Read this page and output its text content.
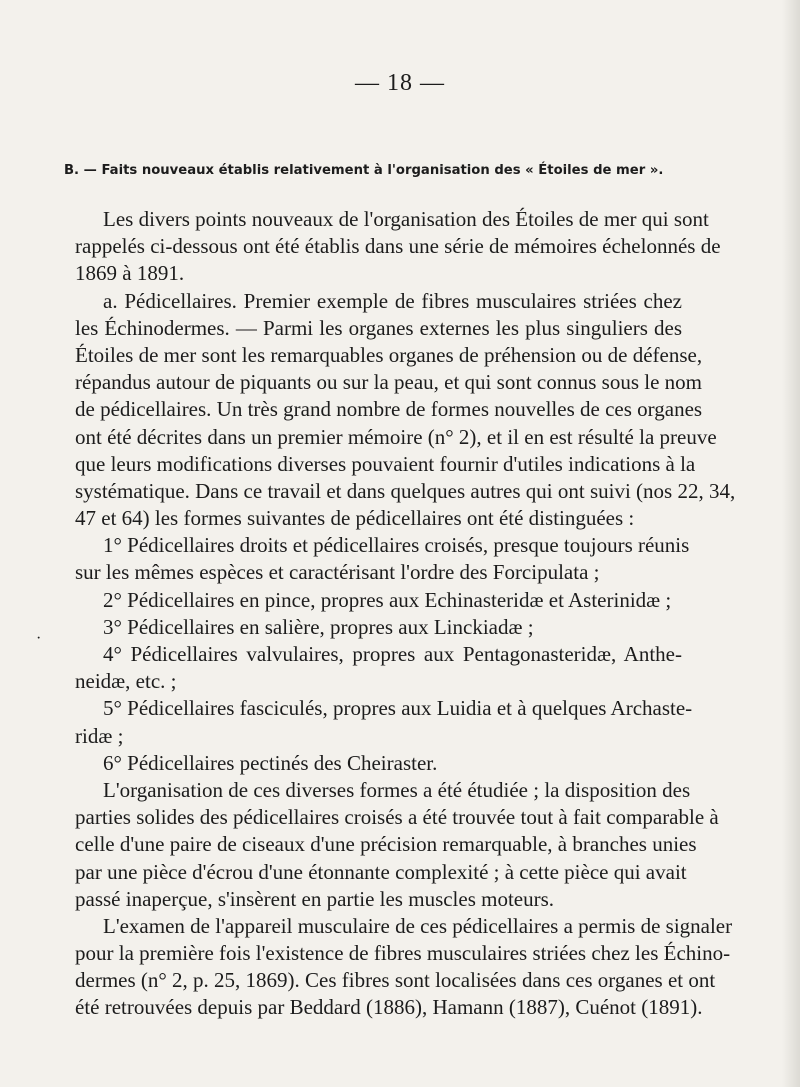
— 18 —
B. — Faits nouveaux établis relativement à l'organisation des « Étoiles de mer ».
·
Les divers points nouveaux de l'organisation des Étoiles de mer qui sont
rappelés ci-dessous ont été établis dans une série de mémoires échelonnés de
1869 à 1891.
a. Pédicellaires. Premier exemple de fibres musculaires striées chez
les Échinodermes. — Parmi les organes externes les plus singuliers des
Étoiles de mer sont les remarquables organes de préhension ou de défense,
répandus autour de piquants ou sur la peau, et qui sont connus sous le nom
de pédicellaires. Un très grand nombre de formes nouvelles de ces organes
ont été décrites dans un premier mémoire (n° 2), et il en est résulté la preuve
que leurs modifications diverses pouvaient fournir d'utiles indications à la
systématique. Dans ce travail et dans quelques autres qui ont suivi (nos 22, 34,
47 et 64) les formes suivantes de pédicellaires ont été distinguées :
1° Pédicellaires droits et pédicellaires croisés, presque toujours réunis
sur les mêmes espèces et caractérisant l'ordre des Forcipulata ;
2° Pédicellaires en pince, propres aux Echinasteridæ et Asterinidæ ;
3° Pédicellaires en salière, propres aux Linckiadæ ;
4° Pédicellaires valvulaires, propres aux Pentagonasteridæ, Anthe-
neidæ, etc. ;
5° Pédicellaires fasciculés, propres aux Luidia et à quelques Archaste-
ridæ ;
6° Pédicellaires pectinés des Cheiraster.
L'organisation de ces diverses formes a été étudiée ; la disposition des
parties solides des pédicellaires croisés a été trouvée tout à fait comparable à
celle d'une paire de ciseaux d'une précision remarquable, à branches unies
par une pièce d'écrou d'une étonnante complexité ; à cette pièce qui avait
passé inaperçue, s'insèrent en partie les muscles moteurs.
L'examen de l'appareil musculaire de ces pédicellaires a permis de signaler
pour la première fois l'existence de fibres musculaires striées chez les Échino-
dermes (n° 2, p. 25, 1869). Ces fibres sont localisées dans ces organes et ont
été retrouvées depuis par Beddard (1886), Hamann (1887), Cuénot (1891).
